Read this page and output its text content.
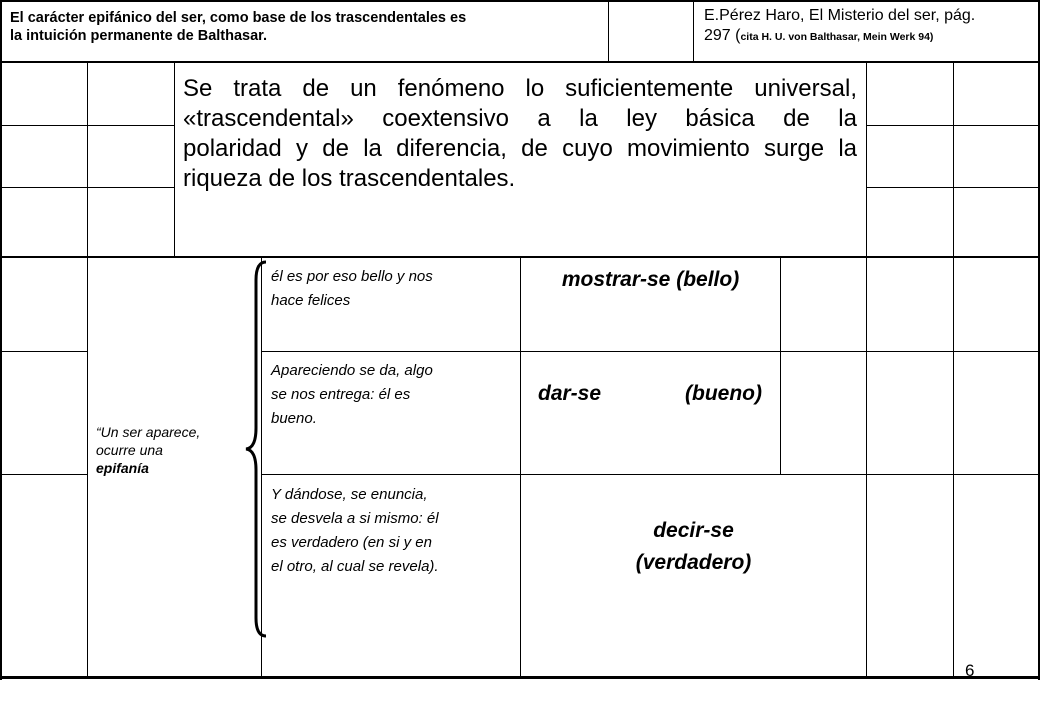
El carácter epifánico del ser, como base de los trascendentales es
la intuición permanente de Balthasar.
E.Pérez Haro, El Misterio del ser, pág.
297 (cita H. U. von Balthasar, Mein Werk 94)
Se trata de un fenómeno lo suficientemente universal,
«trascendental» coextensivo a la ley básica de la
polaridad y de la diferencia, de cuyo movimiento surge la
riqueza de los trascendentales.
“Un ser aparece,
ocurre una
epifanía
él es por eso bello y nos
hace felices
mostrar-se (bello)
Apareciendo se da, algo
se nos entrega: él es
bueno.
dar-se	(bueno)
Y dándose, se enuncia,
se desvela a si mismo: él
es verdadero (en si y en
el otro, al cual se revela).
decir-se
(verdadero)
6
